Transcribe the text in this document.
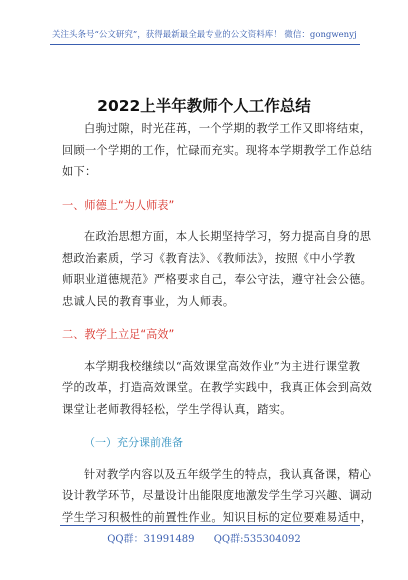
关注头条号“公文研究”，获得最新最全最专业的公文资料库！ 微信：gongwenyj
2022上半年教师个人工作总结

白驹过隙，时光荏苒，一个学期的教学工作又即将结束，
回顾一个学期的工作，忙碌而充实。现将本学期教学工作总结
如下：

一、师德上“为人师表”

在政治思想方面，本人长期坚持学习，努力提高自身的思
想政治素质，学习《教育法》、《教师法》，按照《中小学教
师职业道德规范》严格要求自己，奉公守法，遵守社会公德。
忠诚人民的教育事业，为人师表。

二、教学上立足“高效”

本学期我校继续以“高效课堂高效作业”为主进行课堂教
学的改革，打造高效课堂。在教学实践中，我真正体会到高效
课堂让老师教得轻松，学生学得认真，踏实。

（一）充分课前准备

针对教学内容以及五年级学生的特点，我认真备课，精心
设计教学环节，尽量设计出能限度地激发学生学习兴趣、调动
学生学习积极性的前置性作业。知识目标的定位要难易适中，

QQ群：31991489 QQ群:535304092
